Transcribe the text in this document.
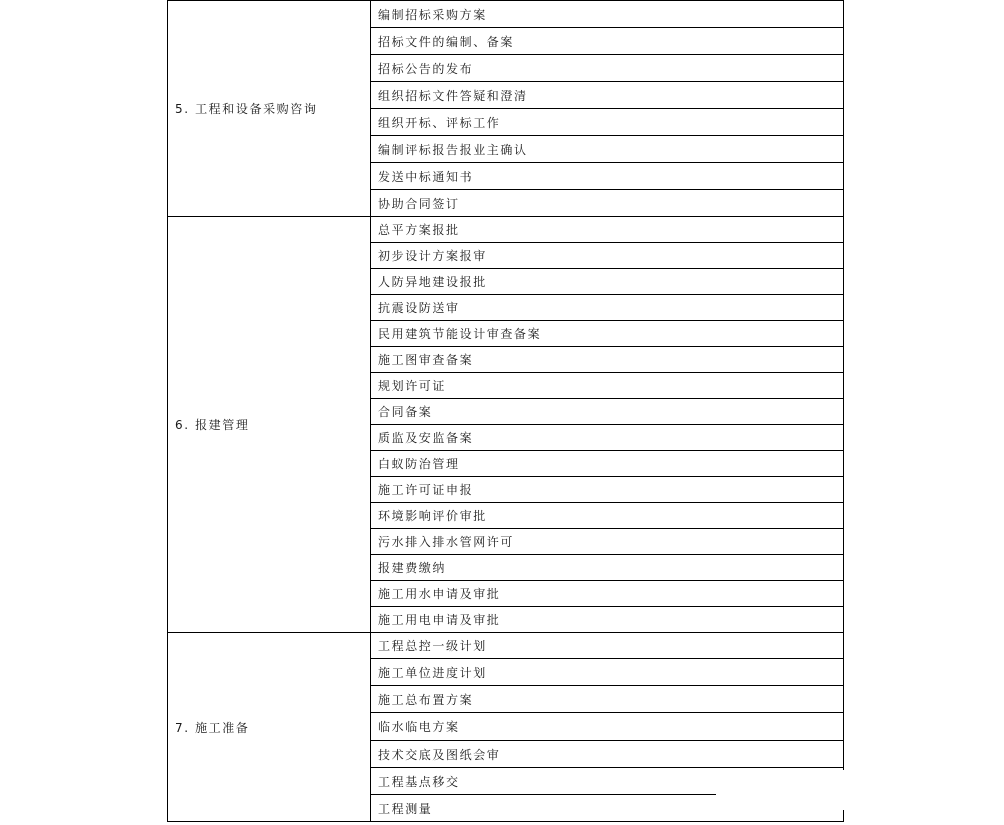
5. 工程和设备采购咨询	编制招标采购方案
	招标文件的编制、备案
	招标公告的发布
	组织招标文件答疑和澄清
	组织开标、评标工作
	编制评标报告报业主确认
	发送中标通知书
	协助合同签订
6. 报建管理	总平方案报批
	初步设计方案报审
	人防异地建设报批
	抗震设防送审
	民用建筑节能设计审查备案
	施工图审查备案
	规划许可证
	合同备案
	质监及安监备案
	白蚁防治管理
	施工许可证申报
	环境影响评价审批
	污水排入排水管网许可
	报建费缴纳
	施工用水申请及审批
	施工用电申请及审批
7. 施工准备	工程总控一级计划
	施工单位进度计划
	施工总布置方案
	临水临电方案
	技术交底及图纸会审
	工程基点移交
	工程测量
